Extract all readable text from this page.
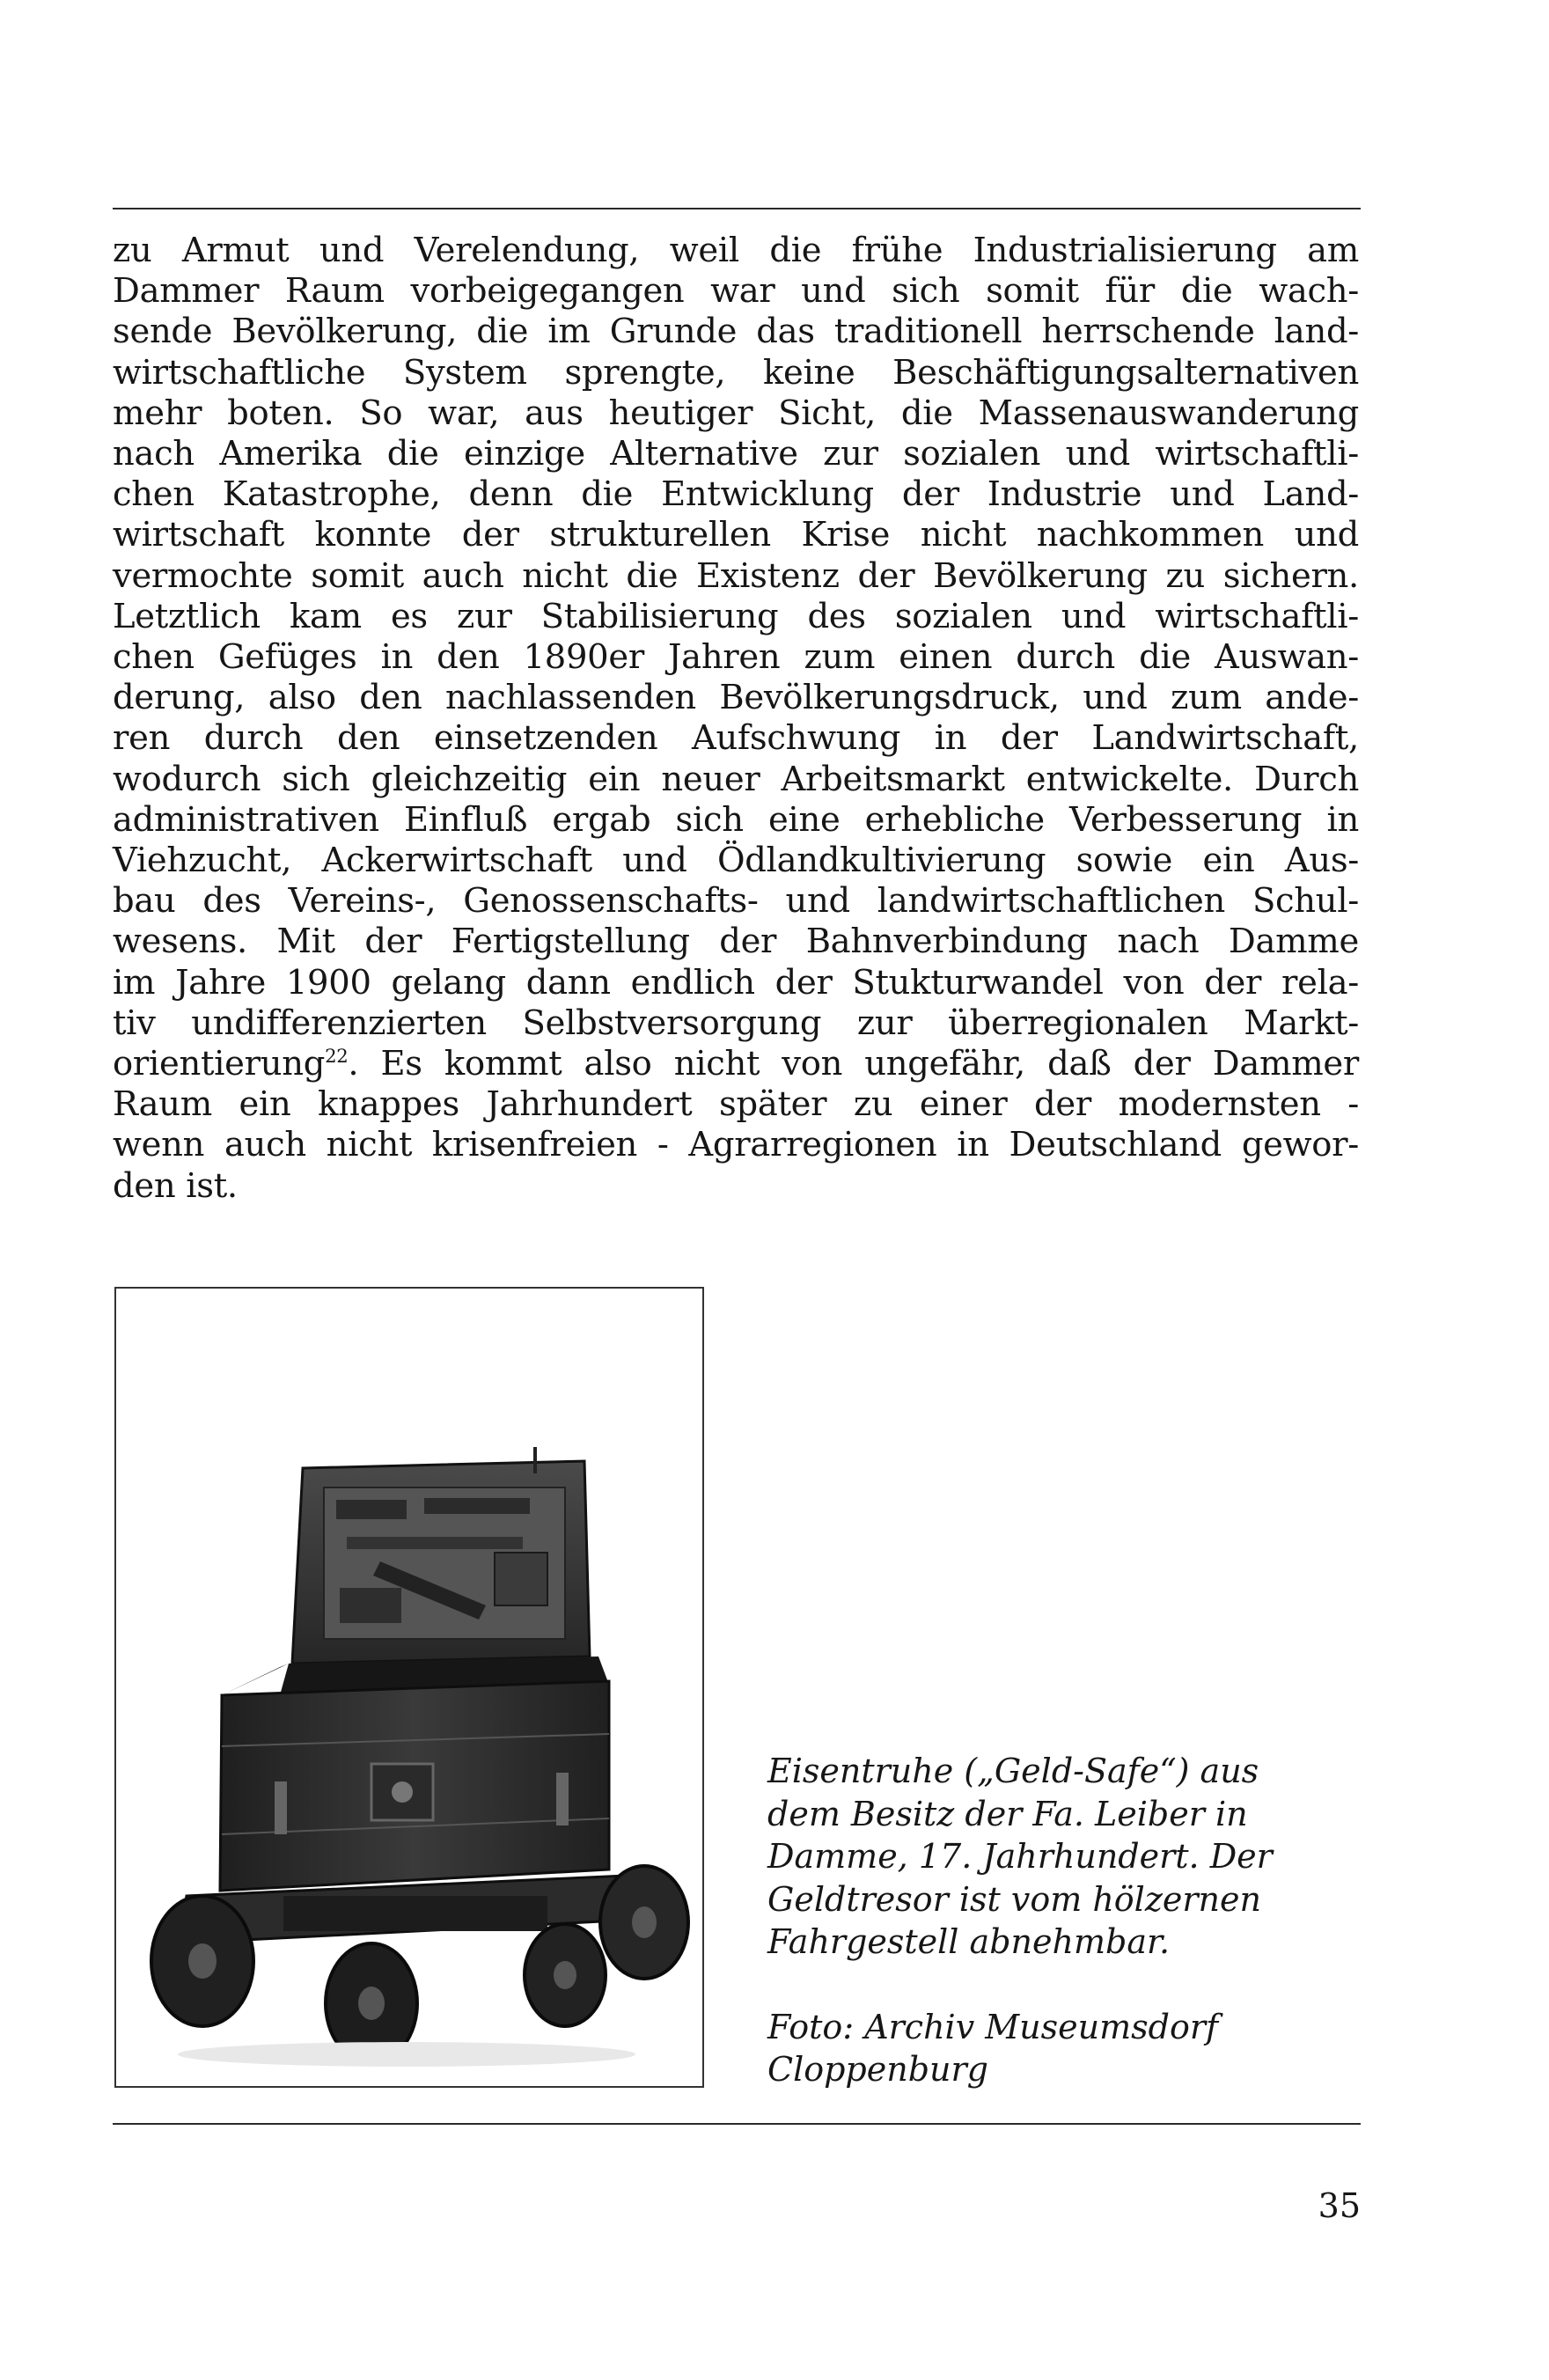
zu Armut und Verelendung, weil die frühe Industrialisierung am
Dammer Raum vorbeigegangen war und sich somit für die wach-
sende Bevölkerung, die im Grunde das traditionell herrschende land-
wirtschaftliche System sprengte, keine Beschäftigungsalternativen
mehr boten. So war, aus heutiger Sicht, die Massenauswanderung
nach Amerika die einzige Alternative zur sozialen und wirtschaftli-
chen Katastrophe, denn die Entwicklung der Industrie und Land-
wirtschaft konnte der strukturellen Krise nicht nachkommen und
vermochte somit auch nicht die Existenz der Bevölkerung zu sichern.
Letztlich kam es zur Stabilisierung des sozialen und wirtschaftli-
chen Gefüges in den 1890er Jahren zum einen durch die Auswan-
derung, also den nachlassenden Bevölkerungsdruck, und zum ande-
ren durch den einsetzenden Aufschwung in der Landwirtschaft,
wodurch sich gleichzeitig ein neuer Arbeitsmarkt entwickelte. Durch
administrativen Einfluß ergab sich eine erhebliche Verbesserung in
Viehzucht, Ackerwirtschaft und Ödlandkultivierung sowie ein Aus-
bau des Vereins-, Genossenschafts- und landwirtschaftlichen Schul-
wesens. Mit der Fertigstellung der Bahnverbindung nach Damme
im Jahre 1900 gelang dann endlich der Stukturwandel von der rela-
tiv undifferenzierten Selbstversorgung zur überregionalen Markt-
orientierung$^{22}$. Es kommt also nicht von ungefähr, daß der Dammer
Raum ein knappes Jahrhundert später zu einer der modernsten -
wenn auch nicht krisenfreien - Agrarregionen in Deutschland gewor-
den ist.
Eisentruhe („Geld-Safe“) aus
dem Besitz der Fa. Leiber in
Damme, 17. Jahrhundert. Der
Geldtresor ist vom hölzernen
Fahrgestell abnehmbar.
Foto: Archiv Museumsdorf
Cloppenburg
35
